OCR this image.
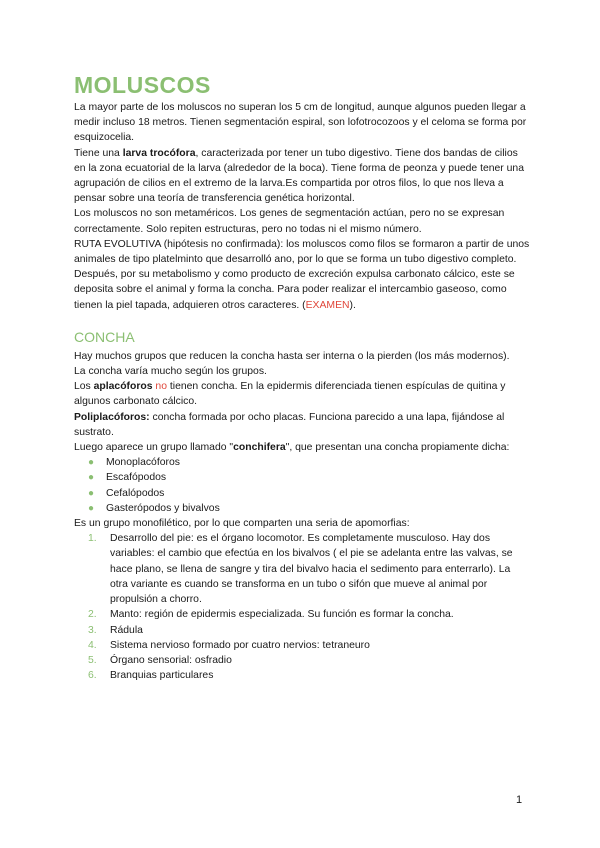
MOLUSCOS

La mayor parte de los moluscos no superan los 5 cm de longitud, aunque algunos pueden llegar a medir incluso 18 metros. Tienen segmentación espiral, son lofotrocozoos y el celoma se forma por esquizocelia.

Tiene una larva trocófora, caracterizada por tener un tubo digestivo. Tiene dos bandas de cilios en la zona ecuatorial de la larva (alrededor de la boca). Tiene forma de peonza y puede tener una agrupación de cilios en el extremo de la larva.Es compartida por otros filos, lo que nos lleva a pensar sobre una teoría de transferencia genética horizontal.

Los moluscos no son metaméricos. Los genes de segmentación actúan, pero no se expresan correctamente. Solo repiten estructuras, pero no todas ni el mismo número.

RUTA EVOLUTIVA (hipótesis no confirmada): los moluscos como filos se formaron a partir de unos animales de tipo platelminto que desarrolló ano, por lo que se forma un tubo digestivo completo. Después, por su metabolismo y como producto de excreción expulsa carbonato cálcico, este se deposita sobre el animal y forma la concha. Para poder realizar el intercambio gaseoso, como tienen la piel tapada, adquieren otros caracteres. (EXAMEN).

CONCHA

Hay muchos grupos que reducen la concha hasta ser interna o la pierden (los más modernos).

La concha varía mucho según los grupos.

Los aplacóforos no tienen concha. En la epidermis diferenciada tienen espículas de quitina y algunos carbonato cálcico.

Poliplacóforos: concha formada por ocho placas. Funciona parecido a una lapa, fijándose al sustrato.

Luego aparece un grupo llamado "conchifera", que presentan una concha propiamente dicha:

● Monoplacóforos
● Escafópodos
● Cefalópodos
● Gasterópodos y bivalvos

Es un grupo monofilético, por lo que comparten una seria de apomorfias:

1. Desarrollo del pie: es el órgano locomotor. Es completamente musculoso. Hay dos variables: el cambio que efectúa en los bivalvos ( el pie se adelanta entre las valvas, se hace plano, se llena de sangre y tira del bivalvo hacia el sedimento para enterrarlo). La otra variante es cuando se transforma en un tubo o sifón que mueve al animal por propulsión a chorro.
2. Manto: región de epidermis especializada. Su función es formar la concha.
3. Rádula
4. Sistema nervioso formado por cuatro nervios: tetraneuro
5. Órgano sensorial: osfradio
6. Branquias particulares
1
